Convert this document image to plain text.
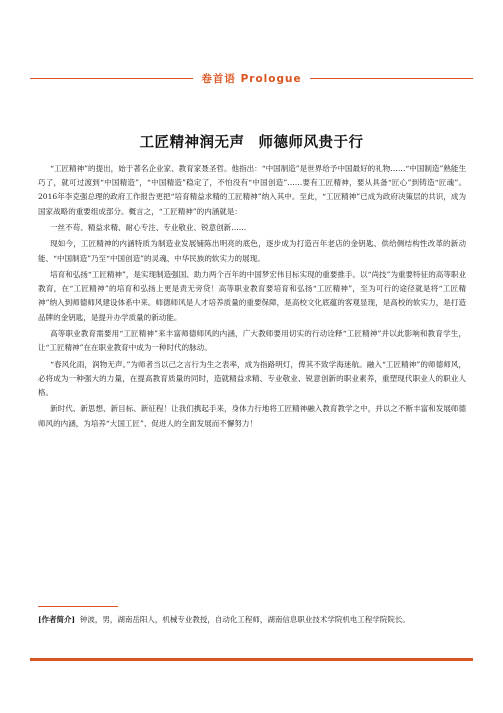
卷首语 Prologue
工匠精神润无声 师德师风贵于行

“工匠精神”的提出，始于著名企业家、教育家聂圣哲。他指出：“中国制造”是世界给予中国最好的礼物……“中国制造”熟能生巧了，就可过渡到“中国精造”，“中国精造”稳定了，不怕没有“中国创造”……要有工匠精神，要从具备“匠心”到铸造“匠魂”。2016年李克强总理的政府工作报告更把“培育精益求精的工匠精神”纳入其中。至此，“工匠精神”已成为政府决策层的共识，成为国家战略的重要组成部分。概言之，“工匠精神”的内涵就是：

一丝不苟、精益求精、耐心专注、专业敬业、锐意创新……

现如今，工匠精神的内涵特质为制造业发展铺陈出明亮的底色，逐步成为打造百年老店的金钥匙、供给侧结构性改革的新动能、“中国制造”乃至“中国创造”的灵魂、中华民族的软实力的展现。

培育和弘扬“工匠精神”，是实现制造强国、助力两个百年的中国梦宏伟目标实现的重要推手。以“尚技”为重要特征的高等职业教育，在“工匠精神”的培育和弘扬上更是责无旁贷！高等职业教育要培育和弘扬“工匠精神”，至为可行的途径就是将“工匠精神”纳入到师德师风建设体系中来。师德师风是人才培养质量的重要保障，是高校文化底蕴的客观显现，是高校的软实力，是打造品牌的金钥匙，是提升办学质量的新动能。

高等职业教育需要用“工匠精神”来丰富师德师风的内涵，广大教师要用切实的行动诠释“工匠精神”并以此影响和教育学生，让“工匠精神”在在职业教育中成为一种时代的脉动。

“春风化雨，润物无声。”为师者当以己之言行为生之表率，成为指路明灯，俾其不致学海迷航。融入“工匠精神”的师德师风，必将成为一种强大的力量，在提高教育质量的同时，造就精益求精、专业敬业、锐意创新的职业素养，重塑现代职业人的职业人格。

新时代、新思想、新目标、新征程！让我们携起手来，身体力行地将工匠精神融入教育教学之中，并以之不断丰富和发展师德师风的内涵，为培养“大国工匠”、促进人的全面发展而不懈努力！

[作者简介] 钟波，男，湖南岳阳人，机械专业教授，自动化工程师，湖南信息职业技术学院机电工程学院院长。
